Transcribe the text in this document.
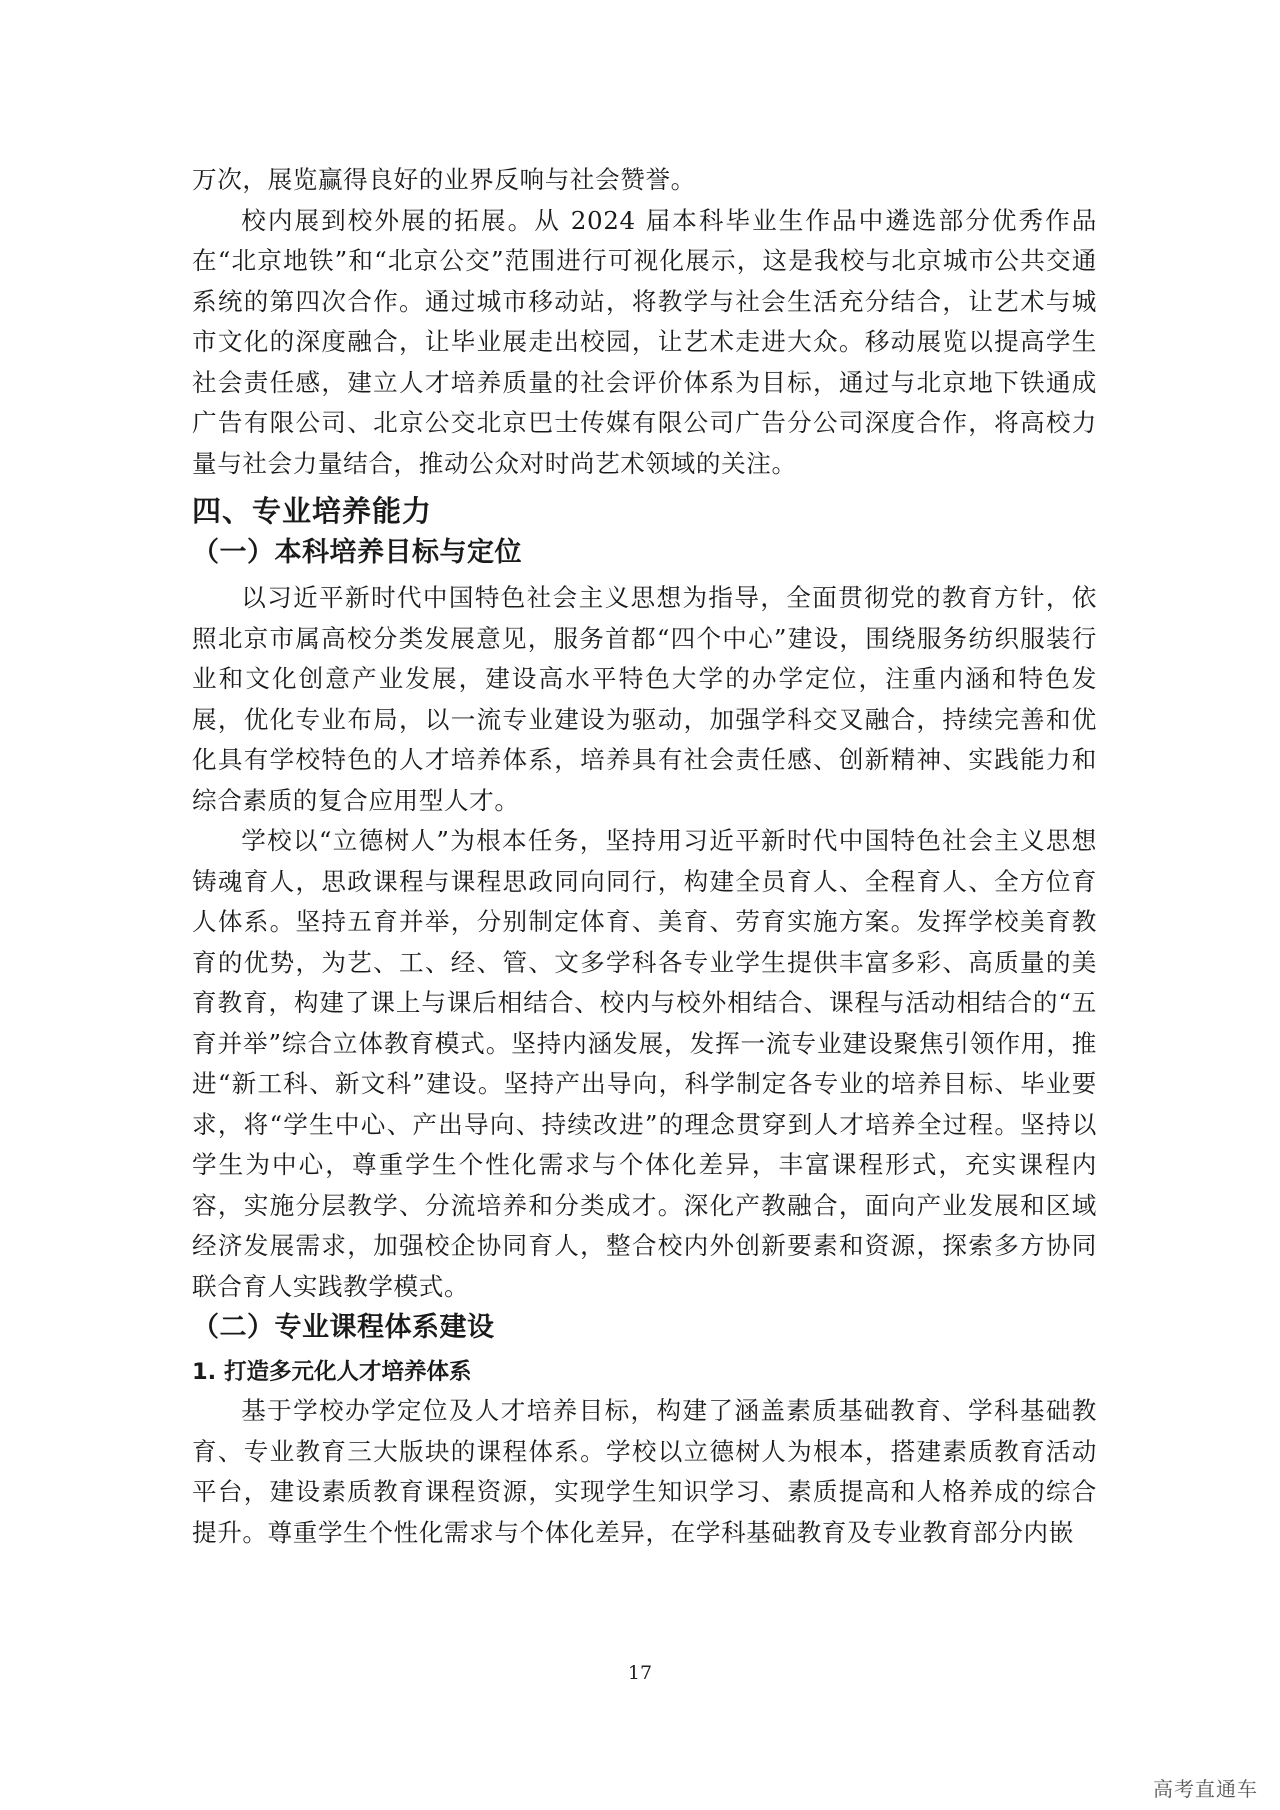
万次，展览赢得良好的业界反响与社会赞誉。

校内展到校外展的拓展。从 2024 届本科毕业生作品中遴选部分优秀作品在“北京地铁”和“北京公交”范围进行可视化展示，这是我校与北京城市公共交通系统的第四次合作。通过城市移动站，将教学与社会生活充分结合，让艺术与城市文化的深度融合，让毕业展走出校园，让艺术走进大众。移动展览以提高学生社会责任感，建立人才培养质量的社会评价体系为目标，通过与北京地下铁通成广告有限公司、北京公交北京巴士传媒有限公司广告分公司深度合作，将高校力量与社会力量结合，推动公众对时尚艺术领域的关注。

四、专业培养能力
（一）本科培养目标与定位

以习近平新时代中国特色社会主义思想为指导，全面贯彻党的教育方针，依照北京市属高校分类发展意见，服务首都“四个中心”建设，围绕服务纺织服装行业和文化创意产业发展，建设高水平特色大学的办学定位，注重内涵和特色发展，优化专业布局，以一流专业建设为驱动，加强学科交叉融合，持续完善和优化具有学校特色的人才培养体系，培养具有社会责任感、创新精神、实践能力和综合素质的复合应用型人才。

学校以“立德树人”为根本任务，坚持用习近平新时代中国特色社会主义思想铸魂育人，思政课程与课程思政同向同行，构建全员育人、全程育人、全方位育人体系。坚持五育并举，分别制定体育、美育、劳育实施方案。发挥学校美育教育的优势，为艺、工、经、管、文多学科各专业学生提供丰富多彩、高质量的美育教育，构建了课上与课后相结合、校内与校外相结合、课程与活动相结合的“五育并举”综合立体教育模式。坚持内涵发展，发挥一流专业建设聚焦引领作用，推进“新工科、新文科”建设。坚持产出导向，科学制定各专业的培养目标、毕业要求，将“学生中心、产出导向、持续改进”的理念贯穿到人才培养全过程。坚持以学生为中心，尊重学生个性化需求与个体化差异，丰富课程形式，充实课程内容，实施分层教学、分流培养和分类成才。深化产教融合，面向产业发展和区域经济发展需求，加强校企协同育人，整合校内外创新要素和资源，探索多方协同联合育人实践教学模式。

（二）专业课程体系建设
1. 打造多元化人才培养体系

基于学校办学定位及人才培养目标，构建了涵盖素质基础教育、学科基础教育、专业教育三大版块的课程体系。学校以立德树人为根本，搭建素质教育活动平台，建设素质教育课程资源，实现学生知识学习、素质提高和人格养成的综合提升。尊重学生个性化需求与个体化差异，在学科基础教育及专业教育部分内嵌

17
高考直通车
